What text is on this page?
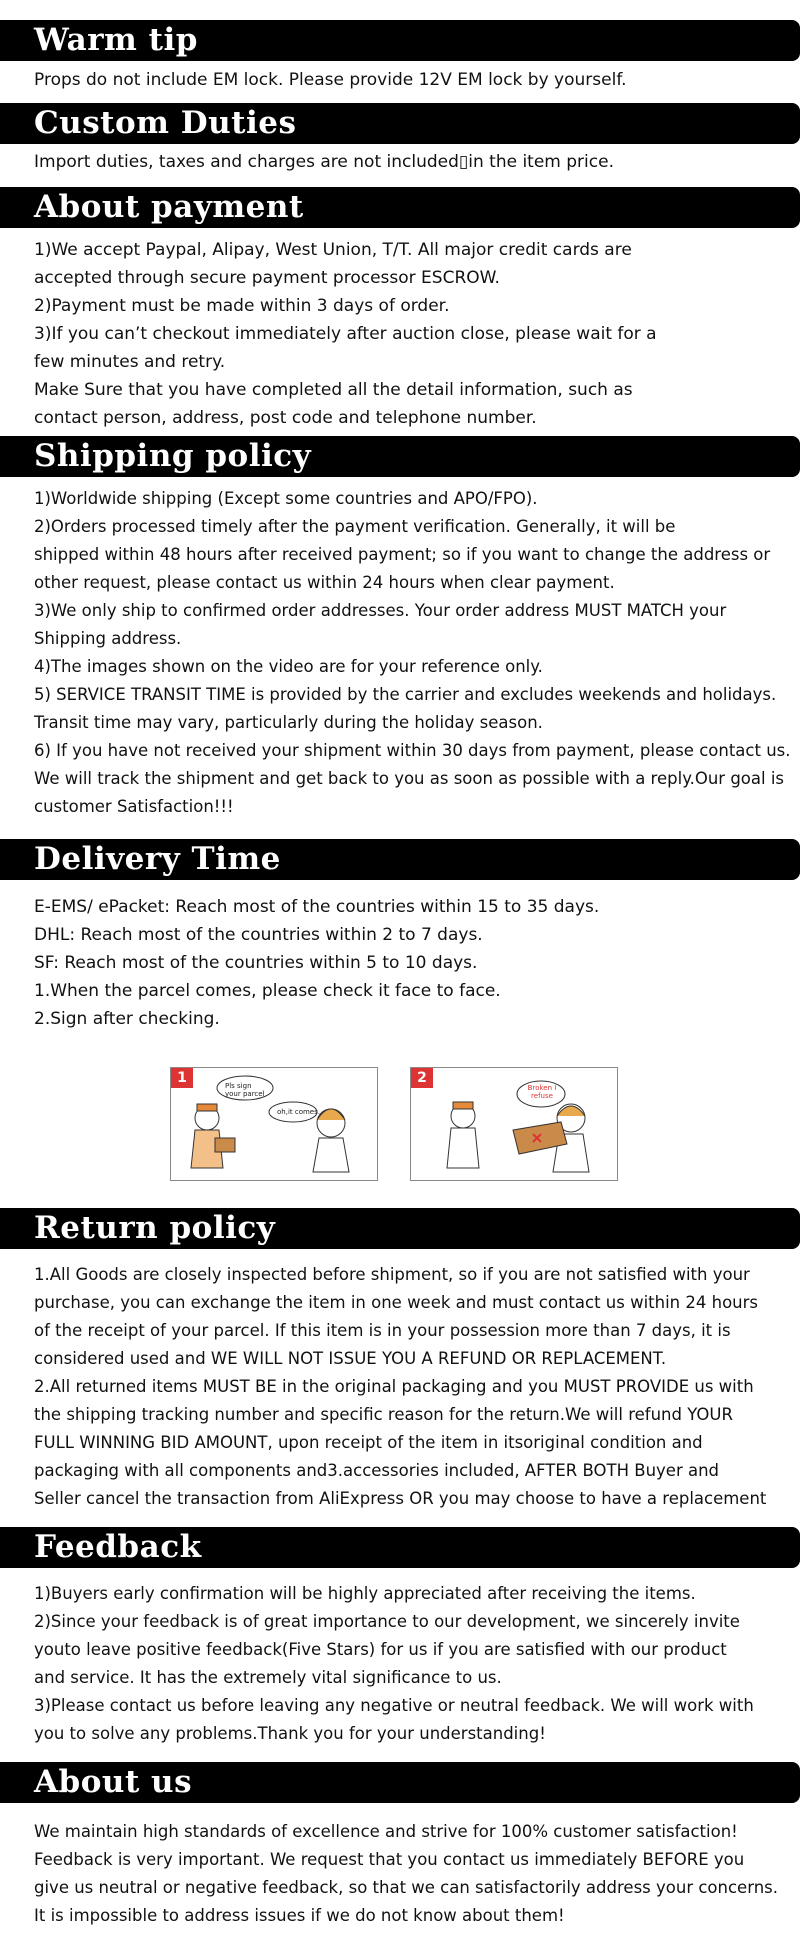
Warm tip

Props do not include EM lock. Please provide 12V EM lock by yourself.

Custom Duties

Import duties, taxes and charges are not included▯in the item price.

About payment

1)We accept Paypal, Alipay, West Union, T/T. All major credit cards are

accepted through secure payment processor ESCROW.

2)Payment must be made within 3 days of order.

3)If you can’t checkout immediately after auction close, please wait for a

few minutes and retry.

Make Sure that you have completed all the detail information, such as

contact person, address, post code and telephone number.

Shipping policy

1)Worldwide shipping (Except some countries and APO/FPO).

2)Orders processed timely after the payment verification. Generally, it will be

shipped within 48 hours after received payment; so if you want to change the address or

other request, please contact us within 24 hours when clear payment.

3)We only ship to confirmed order addresses. Your order address MUST MATCH your

Shipping address.

4)The images shown on the video are for your reference only.

5) SERVICE TRANSIT TIME is provided by the carrier and excludes weekends and holidays.

Transit time may vary, particularly during the holiday season.

6) If you have not received your shipment within 30 days from payment, please contact us.

We will track the shipment and get back to you as soon as possible with a reply.Our goal is

customer Satisfaction!!!

Delivery Time

E-EMS/ ePacket: Reach most of the countries within 15 to 35 days.

DHL: Reach most of the countries within 2 to 7 days.

SF: Reach most of the countries within 5 to 10 days.

1.When the parcel comes, please check it face to face.

2.Sign after checking.

1	Pls sign your parcel
oh,it comes..
2
Broken I refuse
Return policy

1.All Goods are closely inspected before shipment, so if you are not satisfied with your

purchase, you can exchange the item in one week and must contact us within 24 hours

of the receipt of your parcel. If this item is in your possession more than 7 days, it is

considered used and WE WILL NOT ISSUE YOU A REFUND OR REPLACEMENT.

2.All returned items MUST BE in the original packaging and you MUST PROVIDE us with

the shipping tracking number and specific reason for the return.We will refund YOUR

FULL WINNING BID AMOUNT, upon receipt of the item in itsoriginal condition and

packaging with all components and3.accessories included, AFTER BOTH Buyer and

Seller cancel the transaction from AliExpress OR you may choose to have a replacement

Feedback

1)Buyers early confirmation will be highly appreciated after receiving the items.

2)Since your feedback is of great importance to our development, we sincerely invite

youto leave positive feedback(Five Stars) for us if you are satisfied with our product

and service. It has the extremely vital significance to us.

3)Please contact us before leaving any negative or neutral feedback. We will work with

you to solve any problems.Thank you for your understanding!

About us

We maintain high standards of excellence and strive for 100% customer satisfaction!

Feedback is very important. We request that you contact us immediately BEFORE you

give us neutral or negative feedback, so that we can satisfactorily address your concerns.

It is impossible to address issues if we do not know about them!
